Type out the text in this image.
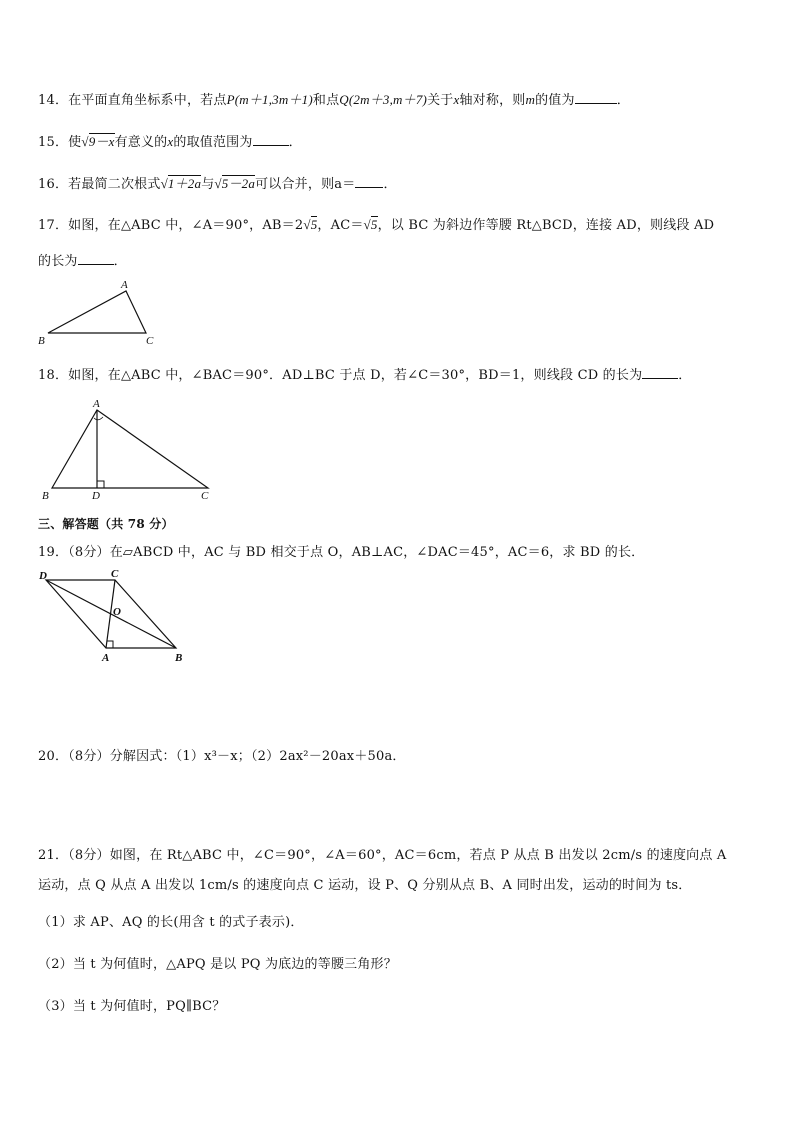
14．在平面直角坐标系中，若点P(m＋1,3m＋1)和点Q(2m＋3,m＋7)关于x轴对称，则m的值为	．
15．使√9－x有意义的x的取值范围为	．
16．若最简二次根式√1＋2a与√5－2a可以合并，则a＝ ．
17．如图，在△ABC 中，∠A＝90°，AB＝2√5，AC＝√5，以 BC 为斜边作等腰 Rt△BCD，连接 AD，则线段 AD
的长为	．
A
B	C
18．如图，在△ABC 中，∠BAC＝90°．AD⊥BC 于点 D，若∠C＝30°，BD＝1，则线段 CD 的长为	．
A
B	D	C
三、解答题（共 78 分）
19．（8分）在▱ABCD 中，AC 与 BD 相交于点 O，AB⊥AC，∠DAC＝45°，AC＝6，求 BD 的长．
D	C
O
A	B
20．（8分）分解因式：（1）x³－x；（2）2ax²－20ax＋50a．
21．（8分）如图，在 Rt△ABC 中，∠C＝90°，∠A＝60°，AC＝6cm，若点 P 从点 B 出发以 2cm/s 的速度向点 A
运动，点 Q 从点 A 出发以 1cm/s 的速度向点 C 运动，设 P、Q 分别从点 B、A 同时出发，运动的时间为 ts．
（1）求 AP、AQ 的长(用含 t 的式子表示)．
（2）当 t 为何值时，△APQ 是以 PQ 为底边的等腰三角形？
（3）当 t 为何值时，PQ∥BC？
